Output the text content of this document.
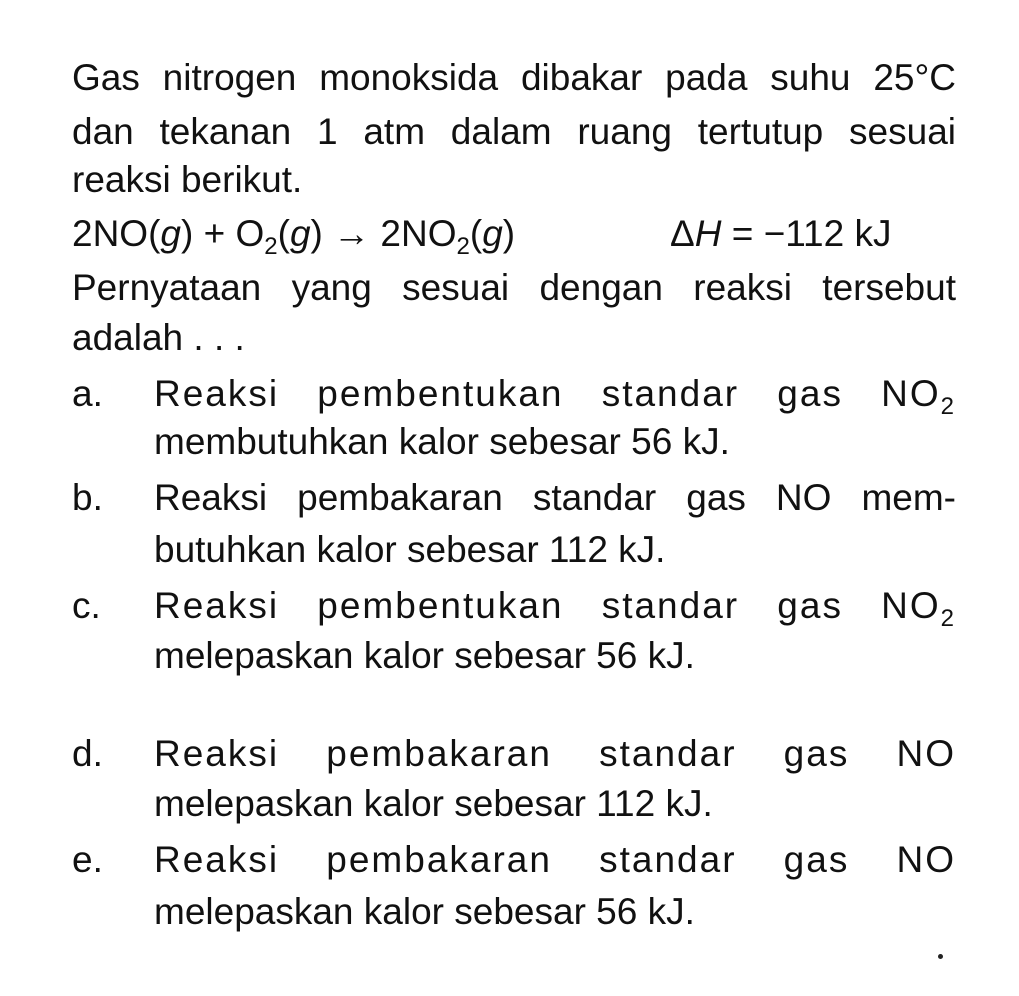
Gas nitrogen monoksida dibakar pada suhu 25°C
dan tekanan 1 atm dalam ruang tertutup sesuai
reaksi berikut.
$2NO(g) + O_2(g) \to 2NO_2(g)$	ΔH = −112 kJ
Pernyataan yang sesuai dengan reaksi tersebut
adalah . . .
a. Reaksi pembentukan standar gas $NO_2$
membutuhkan kalor sebesar 56 kJ.
b. Reaksi pembakaran standar gas NO mem-
butuhkan kalor sebesar 112 kJ.
c. Reaksi pembentukan standar gas $NO_2$
melepaskan kalor sebesar 56 kJ.
d. Reaksi pembakaran standar gas NO
melepaskan kalor sebesar 112 kJ.
e. Reaksi pembakaran standar gas NO
melepaskan kalor sebesar 56 kJ.
